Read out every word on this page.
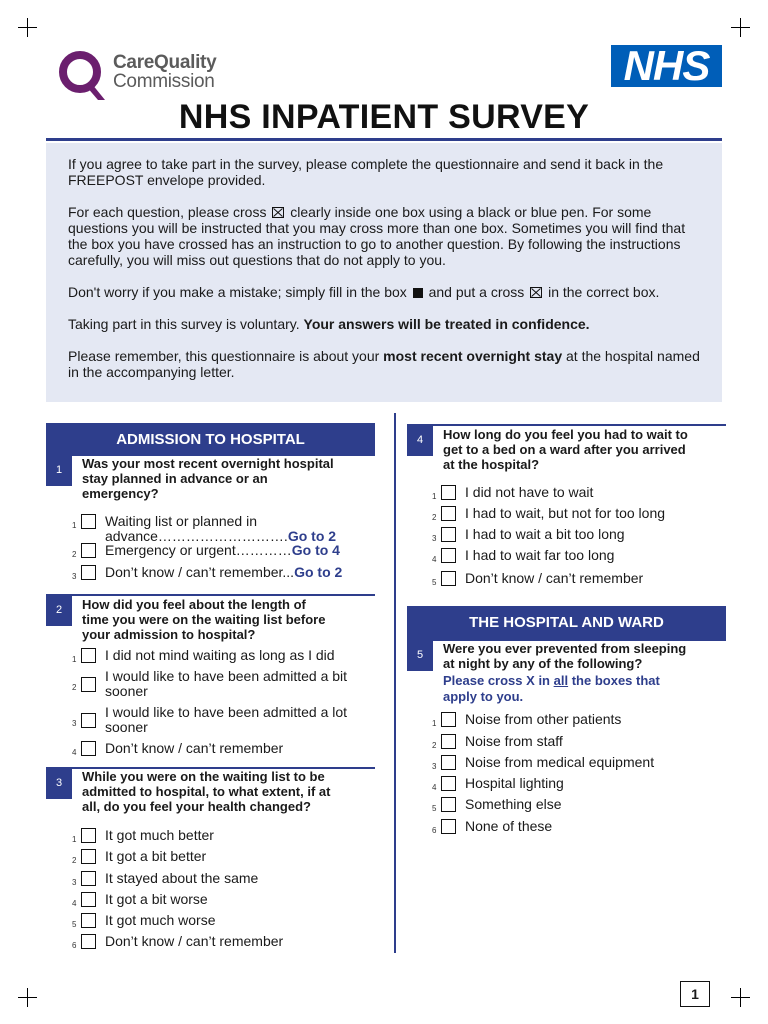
CareQuality
Commission	NHS
NHS INPATIENT SURVEY

If you agree to take part in the survey, please complete the questionnaire and send it back in the FREEPOST envelope provided.

For each question, please cross ☒ clearly inside one box using a black or blue pen. For some questions you will be instructed that you may cross more than one box. Sometimes you will find that the box you have crossed has an instruction to go to another question. By following the instructions carefully, you will miss out questions that do not apply to you.

Don't worry if you make a mistake; simply fill in the box and put a cross ☒ in the correct box.

Taking part in this survey is voluntary. Your answers will be treated in confidence.

Please remember, this questionnaire is about your most recent overnight stay at the hospital named in the accompanying letter.

ADMISSION TO HOSPITAL
1	Was your most recent overnight hospital
stay planned in advance or an
emergency?
1 Waiting list or planned in
advance……………………….Go to 2
2 Emergency or urgent…………Go to 4
3 Don’t know / can’t remember...Go to 2
2	How did you feel about the length of
time you were on the waiting list before
your admission to hospital?
1 I did not mind waiting as long as I did
2
I would like to have been admitted a bit
sooner
3
I would like to have been admitted a lot
sooner
4 Don’t know / can’t remember
3	While you were on the waiting list to be
admitted to hospital, to what extent, if at
all, do you feel your health changed?
1 It got much better
2 It got a bit better
3 It stayed about the same
4 It got a bit worse
5 It got much worse
6 Don’t know / can’t remember
4	How long do you feel you had to wait to
get to a bed on a ward after you arrived
at the hospital?
1 I did not have to wait
2 I had to wait, but not for too long
3 I had to wait a bit too long
4 I had to wait far too long
5 Don’t know / can’t remember
THE HOSPITAL AND WARD
5	Were you ever prevented from sleeping
at night by any of the following?
Please cross X in all the boxes that
apply to you.
1 Noise from other patients
2 Noise from staff
3 Noise from medical equipment
4 Hospital lighting
5 Something else
6 None of these
1
